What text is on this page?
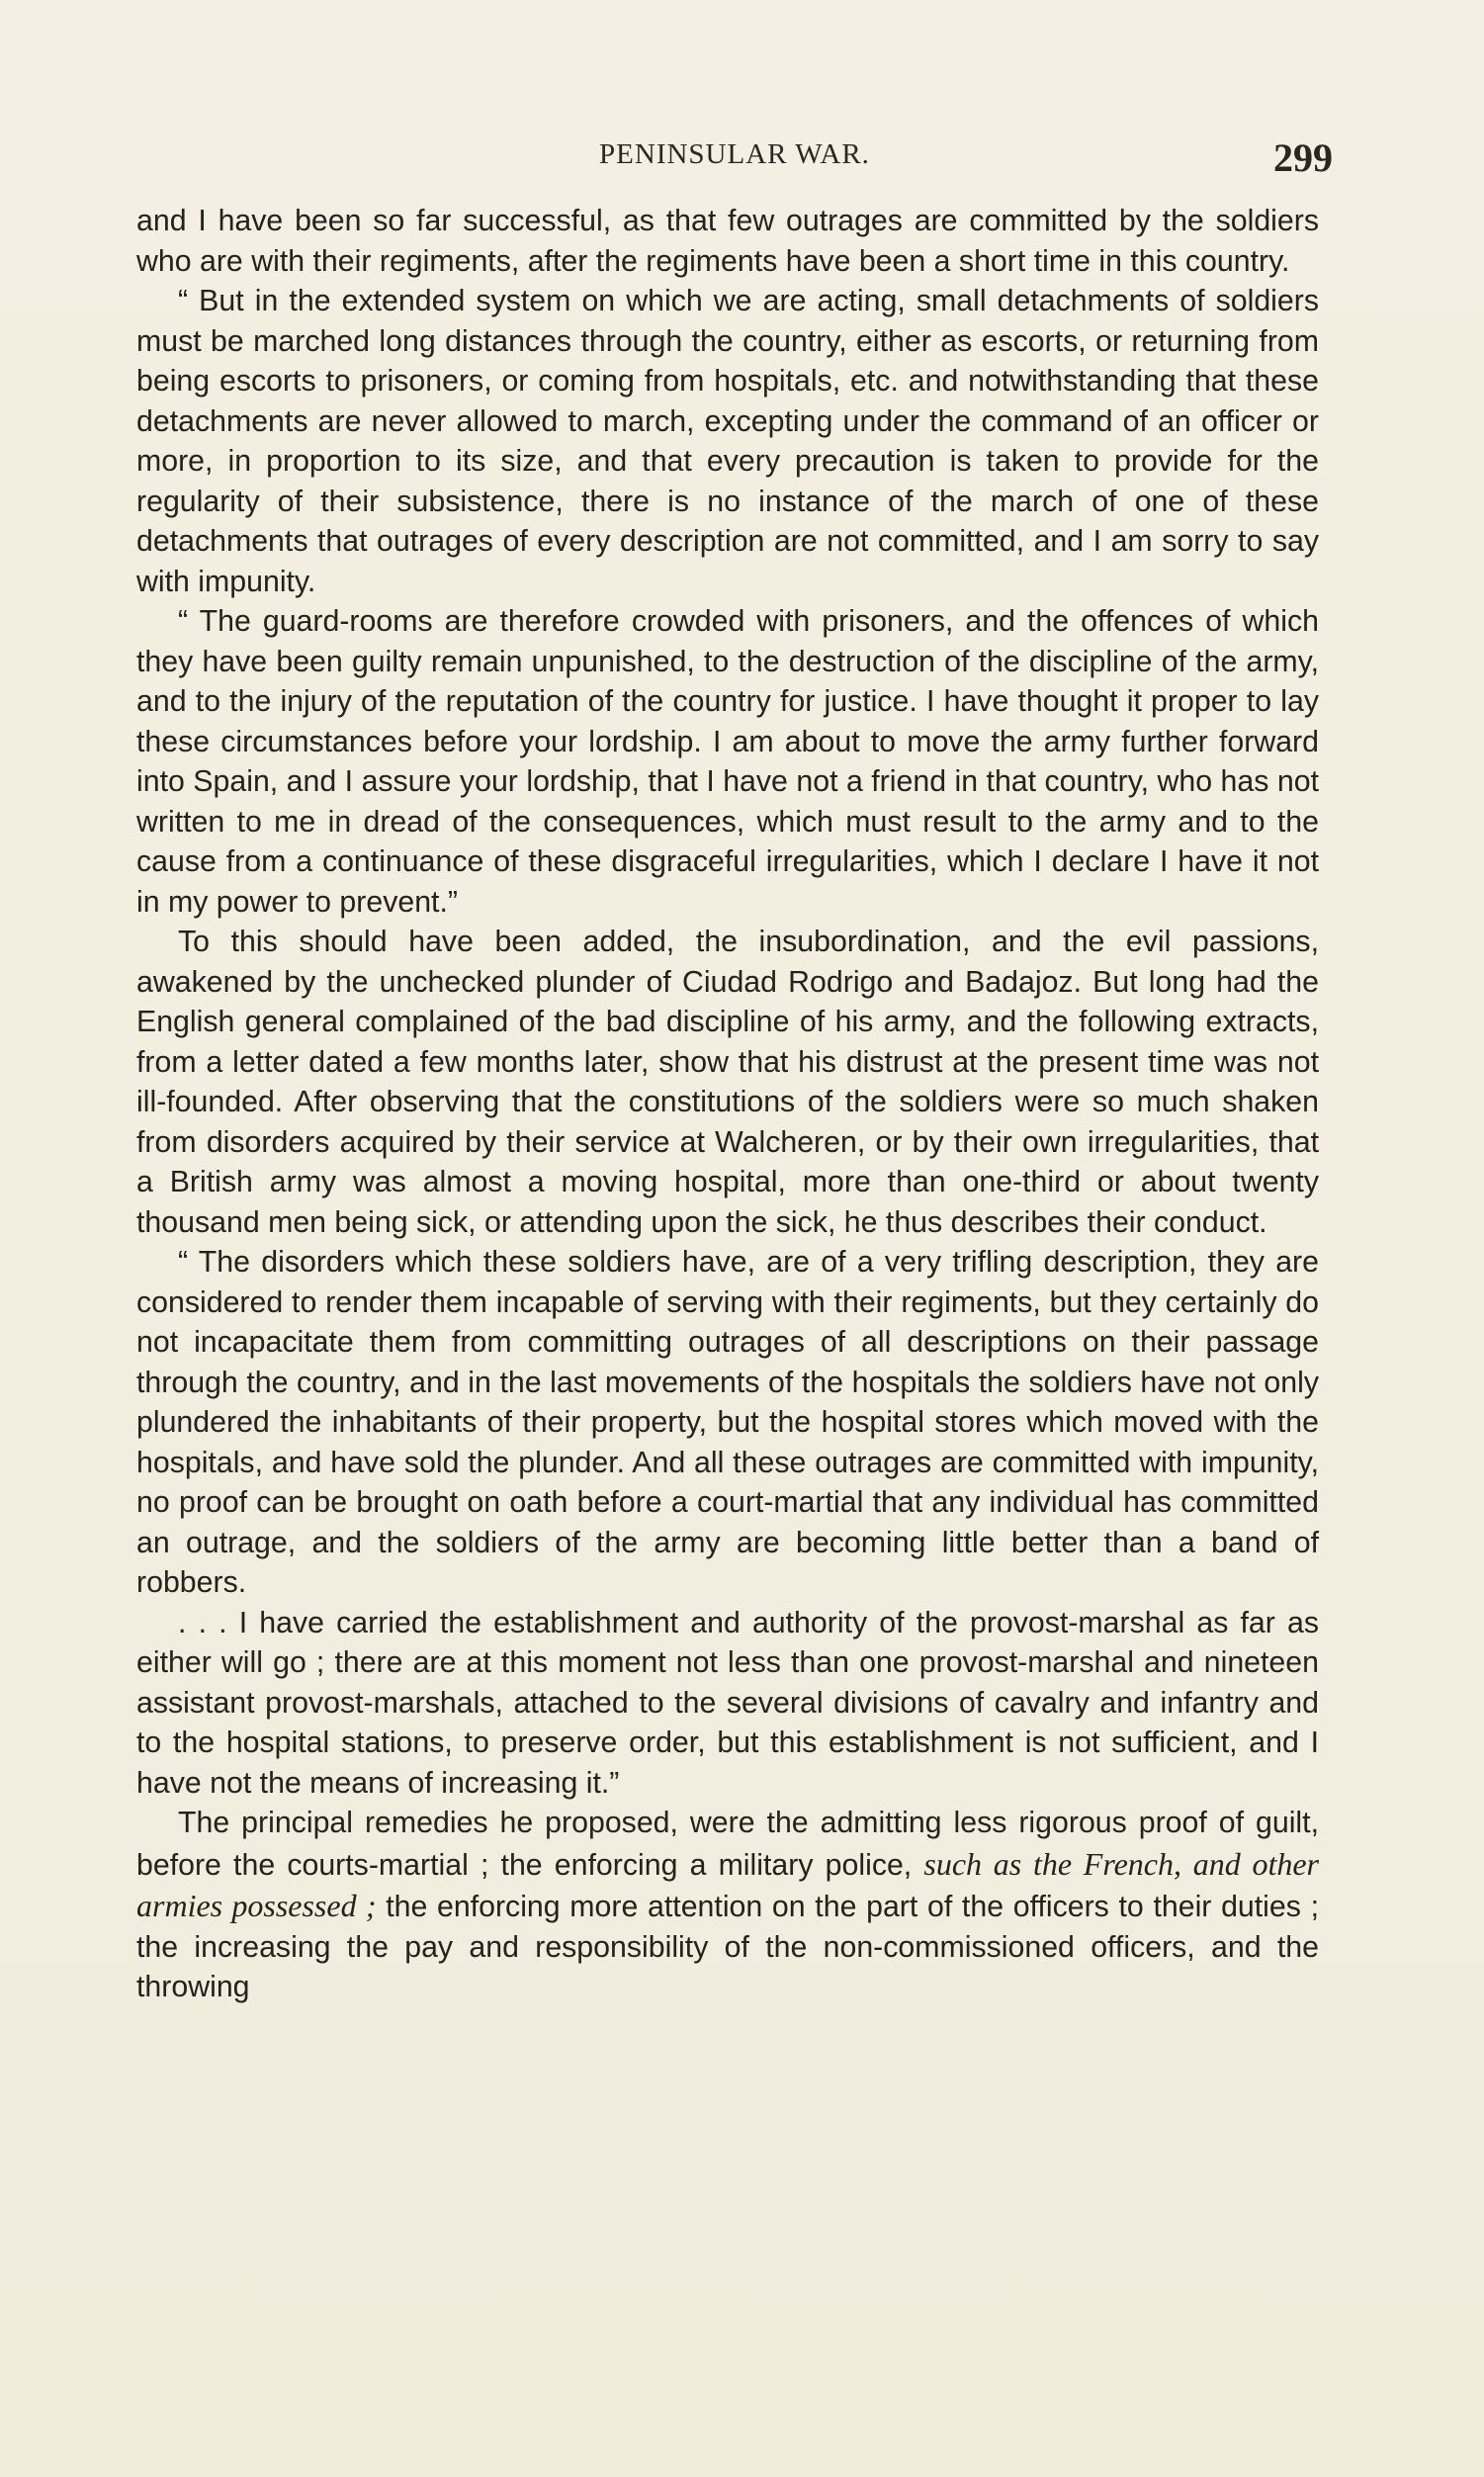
PENINSULAR WAR.	299

and I have been so far successful, as that few outrages are committed by the soldiers who are with their regiments, after the regiments have been a short time in this country.

“ But in the extended system on which we are acting, small detachments of soldiers must be marched long distances through the country, either as escorts, or returning from being escorts to prisoners, or coming from hospitals, etc. and notwithstanding that these detachments are never allowed to march, excepting under the command of an officer or more, in proportion to its size, and that every precaution is taken to provide for the regularity of their subsistence, there is no instance of the march of one of these detachments that outrages of every description are not committed, and I am sorry to say with impunity.

“ The guard-rooms are therefore crowded with prisoners, and the offences of which they have been guilty remain unpunished, to the destruction of the discipline of the army, and to the injury of the reputation of the country for justice. I have thought it proper to lay these circumstances before your lordship. I am about to move the army further forward into Spain, and I assure your lordship, that I have not a friend in that country, who has not written to me in dread of the consequences, which must result to the army and to the cause from a continuance of these disgraceful irregularities, which I declare I have it not in my power to prevent.”

To this should have been added, the insubordination, and the evil passions, awakened by the unchecked plunder of Ciudad Rodrigo and Badajoz. But long had the English general complained of the bad discipline of his army, and the following extracts, from a letter dated a few months later, show that his distrust at the present time was not ill-founded. After observing that the constitutions of the soldiers were so much shaken from disorders acquired by their service at Walcheren, or by their own irregularities, that a British army was almost a moving hospital, more than one-third or about twenty thousand men being sick, or attending upon the sick, he thus describes their conduct.

“ The disorders which these soldiers have, are of a very trifling description, they are considered to render them incapable of serving with their regiments, but they certainly do not incapacitate them from committing outrages of all descriptions on their passage through the country, and in the last movements of the hospitals the soldiers have not only plundered the inhabitants of their property, but the hospital stores which moved with the hospitals, and have sold the plunder. And all these outrages are committed with impunity, no proof can be brought on oath before a court-martial that any individual has committed an outrage, and the soldiers of the army are becoming little better than a band of robbers.

. . . I have carried the establishment and authority of the provost-marshal as far as either will go ; there are at this moment not less than one provost-marshal and nineteen assistant provost-marshals, attached to the several divisions of cavalry and infantry and to the hospital stations, to preserve order, but this establishment is not sufficient, and I have not the means of increasing it.”

The principal remedies he proposed, were the admitting less rigorous proof of guilt, before the courts-martial ; the enforcing a military police, such as the French, and other armies possessed ; the enforcing more attention on the part of the officers to their duties ; the increasing the pay and responsibility of the non-commissioned officers, and the throwing
